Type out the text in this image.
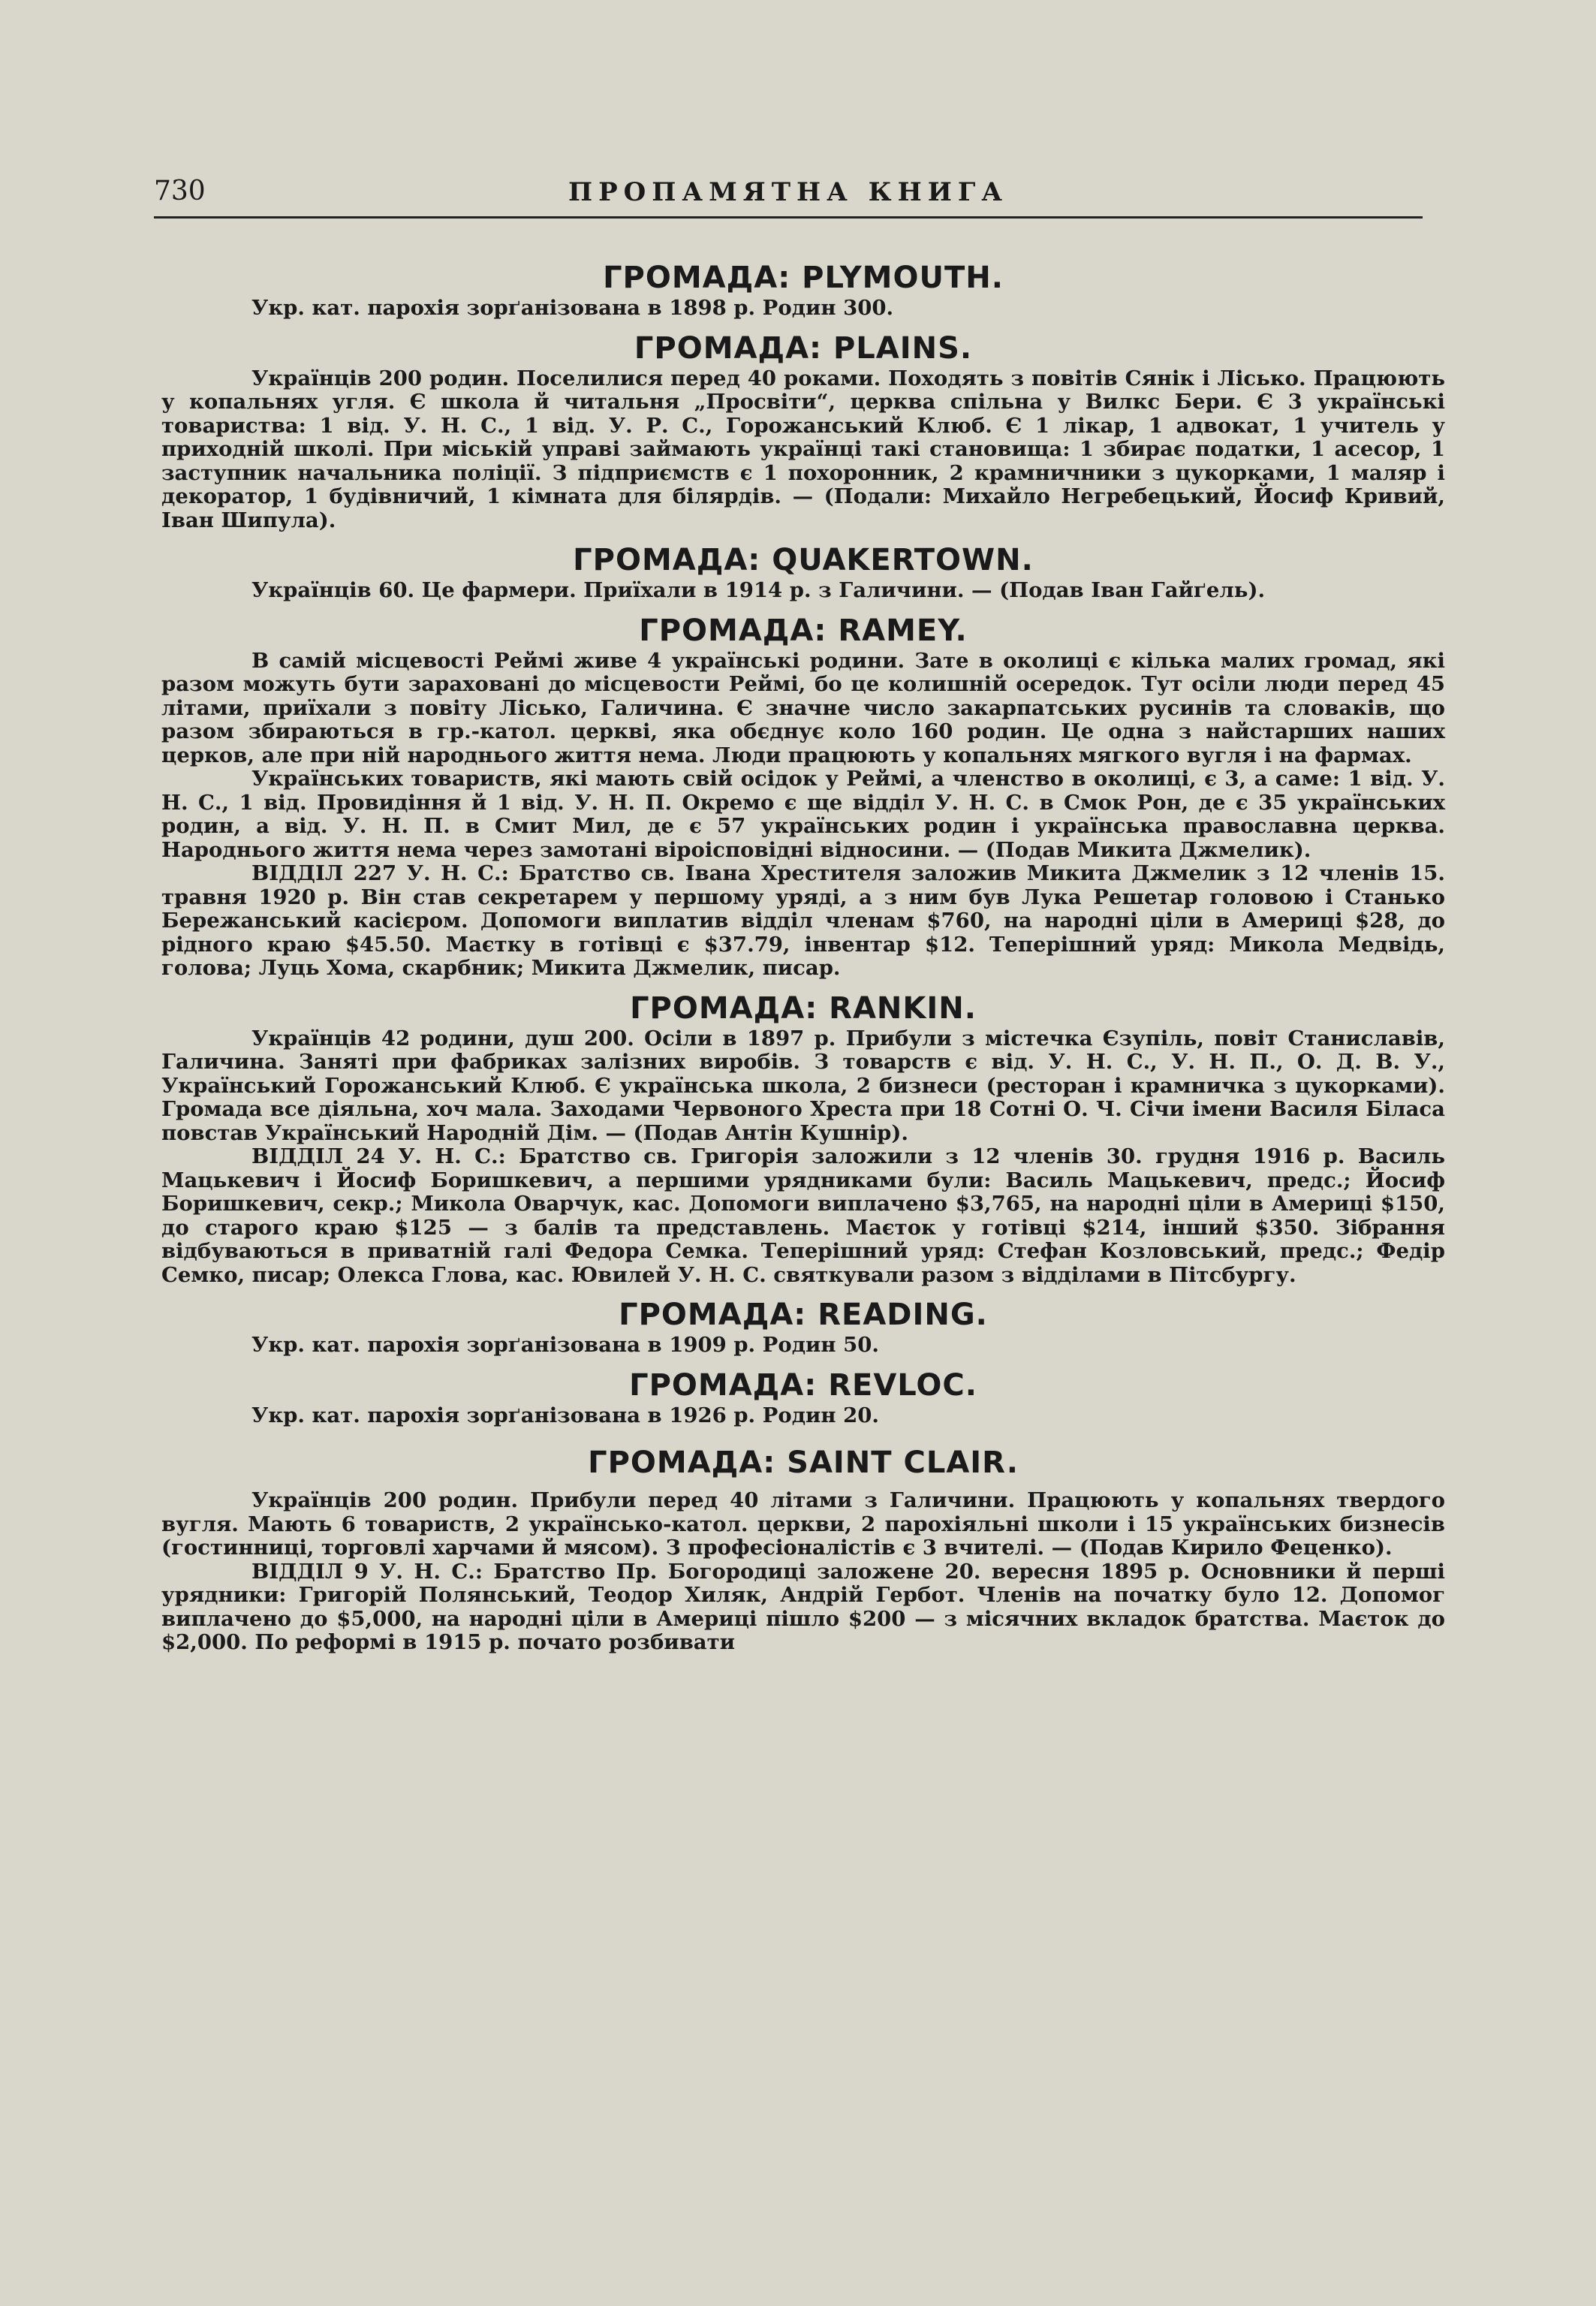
730	ПРОПАМЯТНА КНИГА
ГРОМАДА: PLYMOUTH.

Укр. кат. парохія зорґанізована в 1898 р. Родин 300.

ГРОМАДА: PLAINS.

Українців 200 родин. Поселилися перед 40 роками. Походять з повітів Сянік і Лісько. Працюють у копальнях угля. Є школа й читальня „Просвіти“, церква спільна у Вилкс Бери. Є 3 українські товариства: 1 від. У. Н. С., 1 від. У. Р. С., Горожанський Клюб. Є 1 лікар, 1 адвокат, 1 учитель у приходній школі. При міській управі займають українці такі становища: 1 збирає податки, 1 асесор, 1 заступник начальника поліції. З підприємств є 1 похоронник, 2 крамничники з цукорками, 1 маляр і декоратор, 1 будівничий, 1 кімната для білярдів. — (Подали: Михайло Негребецький, Йосиф Кривий, Іван Шипула).

ГРОМАДА: QUAKERTOWN.

Українців 60. Це фармери. Приїхали в 1914 р. з Галичини. — (Подав Іван Гайґель).

ГРОМАДА: RAMEY.

В самій місцевості Реймі живе 4 українські родини. Зате в околиці є кілька малих громад, які разом можуть бути зараховані до місцевости Реймі, бо це колишній осередок. Тут осіли люди перед 45 літами, приїхали з повіту Лісько, Галичина. Є значне число закарпатських русинів та словаків, що разом збираються в гр.-катол. церкві, яка обєднує коло 160 родин. Це одна з найстарших наших церков, але при ній народнього життя нема. Люди працюють у копальнях мягкого вугля і на фармах.

Українських товариств, які мають свій осідок у Реймі, а членство в околиці, є 3, а саме: 1 від. У. Н. С., 1 від. Провидіння й 1 від. У. Н. П. Окремо є ще відділ У. Н. С. в Смок Рон, де є 35 українських родин, а від. У. Н. П. в Смит Мил, де є 57 українських родин і українська православна церква. Народнього життя нема через замотані віроісповідні відносини. — (Подав Микита Джмелик).

ВІДДІЛ 227 У. Н. С.: Братство св. Івана Хрестителя заложив Микита Джмелик з 12 членів 15. травня 1920 р. Він став секретарем у першому уряді, а з ним був Лука Решетар головою і Станько Бережанський касієром. Допомоги виплатив відділ членам $760, на народні ціли в Америці $28, до рідного краю $45.50. Маєтку в готівці є $37.79, інвентар $12. Теперішний уряд: Микола Медвідь, голова; Луць Хома, скарбник; Микита Джмелик, писар.

ГРОМАДА: RANKIN.

Українців 42 родини, душ 200. Осіли в 1897 р. Прибули з містечка Єзупіль, повіт Станиславів, Галичина. Заняті при фабриках залізних виробів. З товарств є від. У. Н. С., У. Н. П., О. Д. В. У., Український Горожанський Клюб. Є українська школа, 2 бизнеси (ресторан і крамничка з цукорками). Громада все діяльна, хоч мала. Заходами Червоного Хреста при 18 Сотні О. Ч. Січи імени Василя Біласа повстав Український Народній Дім. — (Подав Антін Кушнір).

ВІДДІЛ 24 У. Н. С.: Братство св. Григорія заложили з 12 членів 30. грудня 1916 р. Василь Мацькевич і Йосиф Боришкевич, а першими урядниками були: Василь Мацькевич, предс.; Йосиф Боришкевич, секр.; Микола Оварчук, кас. Допомоги виплачено $3,765, на народні ціли в Америці $150, до старого краю $125 — з балів та представлень. Маєток у готівці $214, інший $350. Зібрання відбуваються в приватній галі Федора Семка. Теперішний уряд: Стефан Козловський, предс.; Федір Семко, писар; Олекса Глова, кас. Ювилей У. Н. С. святкували разом з відділами в Пітсбургу.

ГРОМАДА: READING.

Укр. кат. парохія зорґанізована в 1909 р. Родин 50.

ГРОМАДА: REVLOC.

Укр. кат. парохія зорґанізована в 1926 р. Родин 20.

ГРОМАДА: SAINT CLAIR.

Українців 200 родин. Прибули перед 40 літами з Галичини. Працюють у копальнях твердого вугля. Мають 6 товариств, 2 українсько-катол. церкви, 2 парохіяльні школи і 15 українських бизнесів (гостинниці, торговлі харчами й мясом). З професіоналістів є 3 вчителі. — (Подав Кирило Феценко).

ВІДДІЛ 9 У. Н. С.: Братство Пр. Богородиці заложене 20. вересня 1895 р. Основники й перші урядники: Григорій Полянський, Теодор Хиляк, Андрій Гербот. Членів на початку було 12. Допомог виплачено до $5,000, на народні ціли в Америці пішло $200 — з місячних вкладок братства. Маєток до $2,000. По реформі в 1915 р. почато розбивати
